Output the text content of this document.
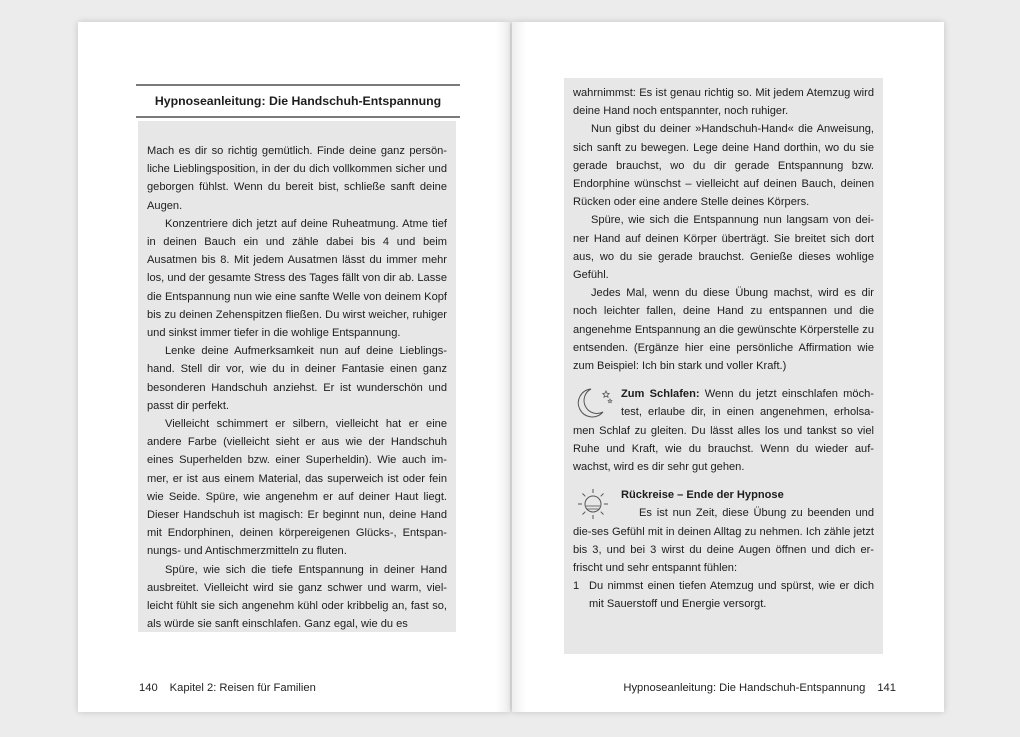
Mach es dir so richtig gemütlich. Finde deine ganz persön-liche Lieblingsposition, in der du dich vollkommen sicher und geborgen fühlst. Wenn du bereit bist, schließe sanft deine Augen.

Konzentriere dich jetzt auf deine Ruheatmung. Atme tief in deinen Bauch ein und zähle dabei bis 4 und beim Ausatmen bis 8. Mit jedem Ausatmen lässt du immer mehr los, und der gesamte Stress des Tages fällt von dir ab. Lasse die Entspannung nun wie eine sanfte Welle von deinem Kopf bis zu deinen Zehenspitzen fließen. Du wirst weicher, ruhiger und sinkst immer tiefer in die wohlige Entspannung.

Lenke deine Aufmerksamkeit nun auf deine Lieblings-hand. Stell dir vor, wie du in deiner Fantasie einen ganz besonderen Handschuh anziehst. Er ist wunderschön und passt dir perfekt.

Vielleicht schimmert er silbern, vielleicht hat er eine andere Farbe (vielleicht sieht er aus wie der Handschuh eines Superhelden bzw. einer Superheldin). Wie auch im-mer, er ist aus einem Material, das superweich ist oder fein wie Seide. Spüre, wie angenehm er auf deiner Haut liegt. Dieser Handschuh ist magisch: Er beginnt nun, deine Hand mit Endorphinen, deinen körpereigenen Glücks-, Entspan-nungs- und Antischmerzmitteln zu fluten.

Spüre, wie sich die tiefe Entspannung in deiner Hand ausbreitet. Vielleicht wird sie ganz schwer und warm, viel-leicht fühlt sie sich angenehm kühl oder kribbelig an, fast so, als würde sie sanft einschlafen. Ganz egal, wie du es

Hypnoseanleitung: Die Handschuh-Entspannung
140 Kapitel 2: Reisen für Familien

wahrnimmst: Es ist genau richtig so. Mit jedem Atemzug wird deine Hand noch entspannter, noch ruhiger.

Nun gibst du deiner »Handschuh-Hand« die Anweisung, sich sanft zu bewegen. Lege deine Hand dorthin, wo du sie gerade brauchst, wo du dir gerade Entspannung bzw. Endorphine wünschst – vielleicht auf deinen Bauch, deinen Rücken oder eine andere Stelle deines Körpers.

Spüre, wie sich die Entspannung nun langsam von dei-ner Hand auf deinen Körper überträgt. Sie breitet sich dort aus, wo du sie gerade brauchst. Genieße dieses wohlige Gefühl.

Jedes Mal, wenn du diese Übung machst, wird es dir noch leichter fallen, deine Hand zu entspannen und die angenehme Entspannung an die gewünschte Körperstelle zu entsenden. (Ergänze hier eine persönliche Affirmation wie zum Beispiel: Ich bin stark und voller Kraft.)

Zum Schlafen: Wenn du jetzt einschlafen möch-test, erlaube dir, in einen angenehmen, erholsa-men Schlaf zu gleiten. Du lässt alles los und tankst so viel Ruhe und Kraft, wie du brauchst. Wenn du wieder auf-wachst, wird es dir sehr gut gehen.

Rückreise – Ende der Hypnose

Es ist nun Zeit, diese Übung zu beenden und die-ses Gefühl mit in deinen Alltag zu nehmen. Ich zähle jetzt bis 3, und bei 3 wirst du deine Augen öffnen und dich er-frischt und sehr entspannt fühlen:

1 Du nimmst einen tiefen Atemzug und spürst, wie er dich mit Sauerstoff und Energie versorgt.
Hypnoseanleitung: Die Handschuh-Entspannung 141
